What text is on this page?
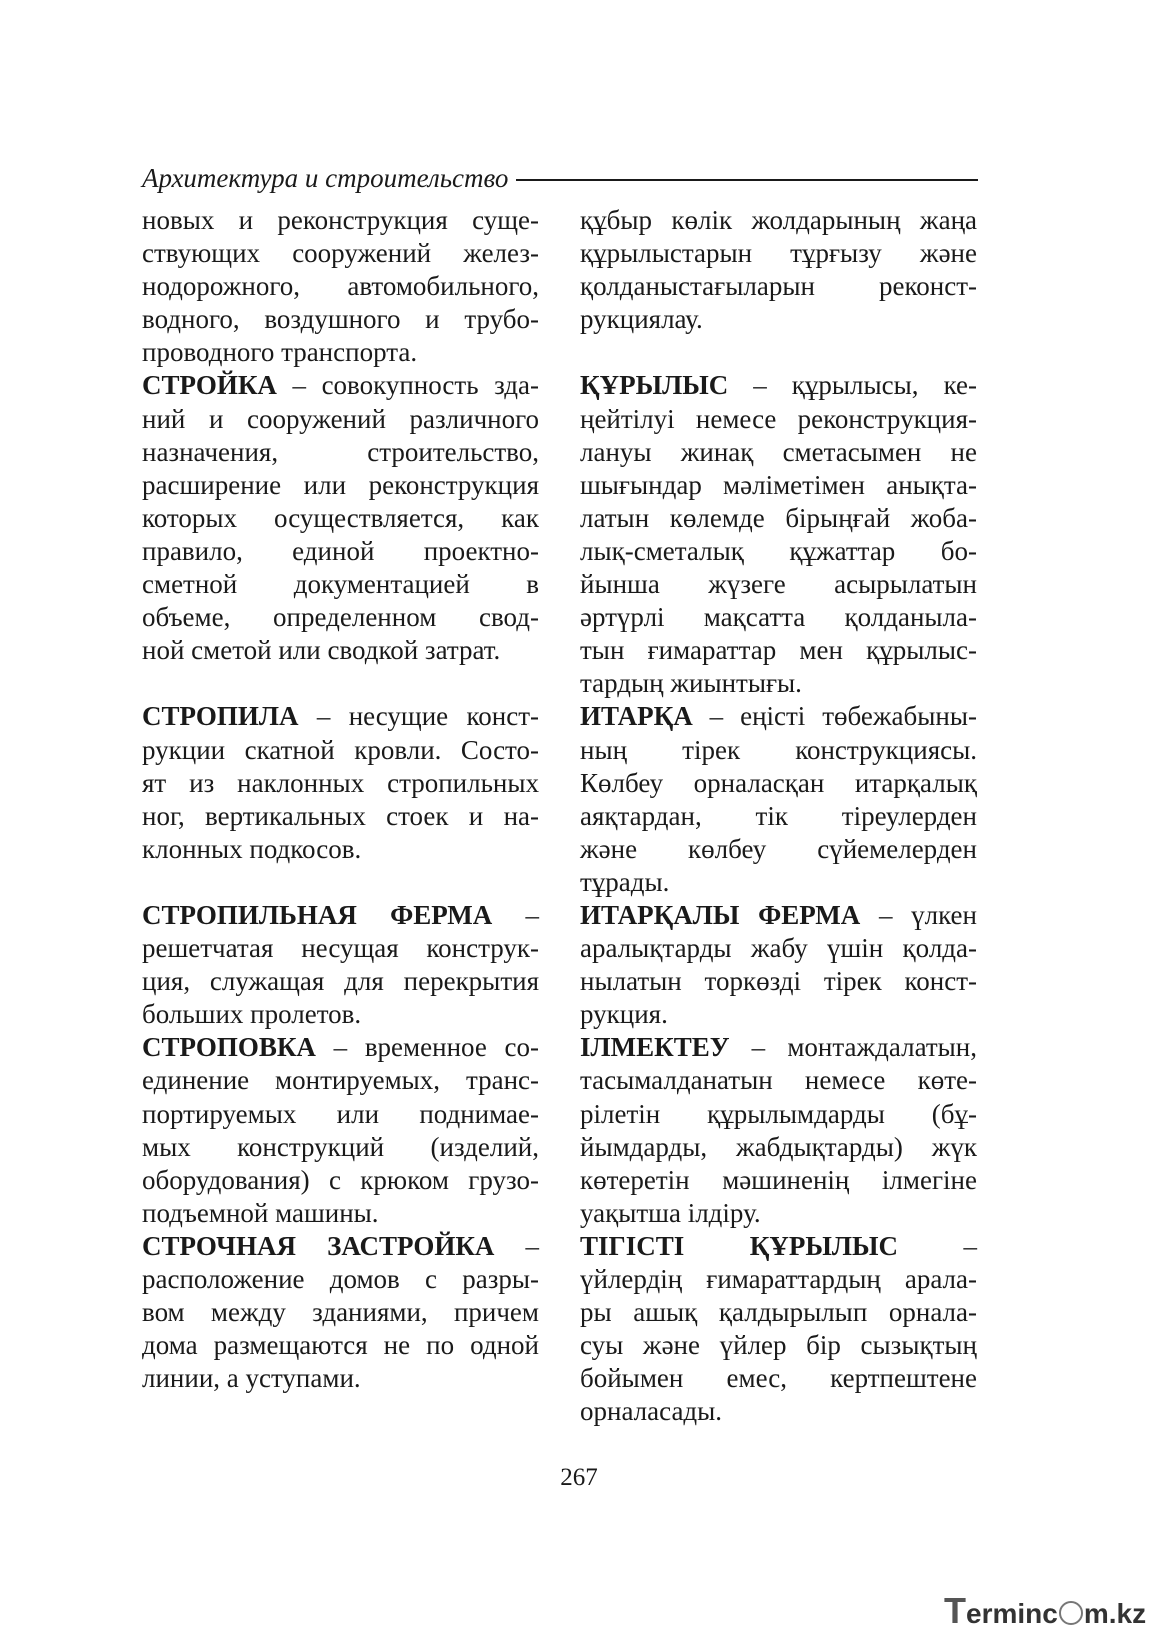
Архитектура и строительство
новых и реконструкция суще-
ствующих сооружений желез-
нодорожного, автомобильного,
водного, воздушного и трубо-
проводного транспорта.
СТРОЙКА – совокупность зда-
ний и сооружений различного
назначения, строительство,
расширение или реконструкция
которых осуществляется, как
правило, единой проектно-
сметной документацией в
объеме, определенном свод-
ной сметой или сводкой затрат.
СТРОПИЛА – несущие конст-
рукции скатной кровли. Состо-
ят из наклонных стропильных
ног, вертикальных стоек и на-
клонных подкосов.
СТРОПИЛЬНАЯ ФЕРМА –
решетчатая несущая конструк-
ция, служащая для перекрытия
больших пролетов.
СТРОПОВКА – временное со-
единение монтируемых, транс-
портируемых или поднимае-
мых конструкций (изделий,
оборудования) с крюком грузо-
подъемной машины.
СТРОЧНАЯ ЗАСТРОЙКА –
расположение домов с разры-
вом между зданиями, причем
дома размещаются не по одной
линии, а уступами.
құбыр көлік жолдарының жаңа
құрылыстарын тұрғызу және
қолданыстағыларын реконст-
рукциялау.
ҚҰРЫЛЫС – құрылысы, ке-
ңейтілуі немесе реконструкция-
лануы жинақ сметасымен не
шығындар мәліметімен анықта-
латын көлемде бірыңғай жоба-
лық-сметалық құжаттар бо-
йынша жүзеге асырылатын
әртүрлі мақсатта қолданыла-
тын ғимараттар мен құрылыс-
тардың жиынтығы.
ИТАРҚА – еңісті төбежабыны-
ның тірек конструкциясы.
Көлбеу орналасқан итарқалық
аяқтардан, тік тіреулерден
және көлбеу сүйемелерден
тұрады.
ИТАРҚАЛЫ ФЕРМА – үлкен
аралықтарды жабу үшін қолда-
нылатын торкөзді тірек конст-
рукция.
ІЛМЕКТЕУ – монтаждалатын,
тасымалданатын немесе көте-
рілетін құрылымдарды (бұ-
йымдарды, жабдықтарды) жүк
көтеретін мәшиненің ілмегіне
уақытша ілдіру.
ТІГІСТІ ҚҰРЫЛЫС –
үйлердің ғимараттардың арала-
ры ашық қалдырылып орнала-
суы және үйлер бір сызықтың
бойымен емес, кертпештене
орналасады.
267
Terminc m.kz
